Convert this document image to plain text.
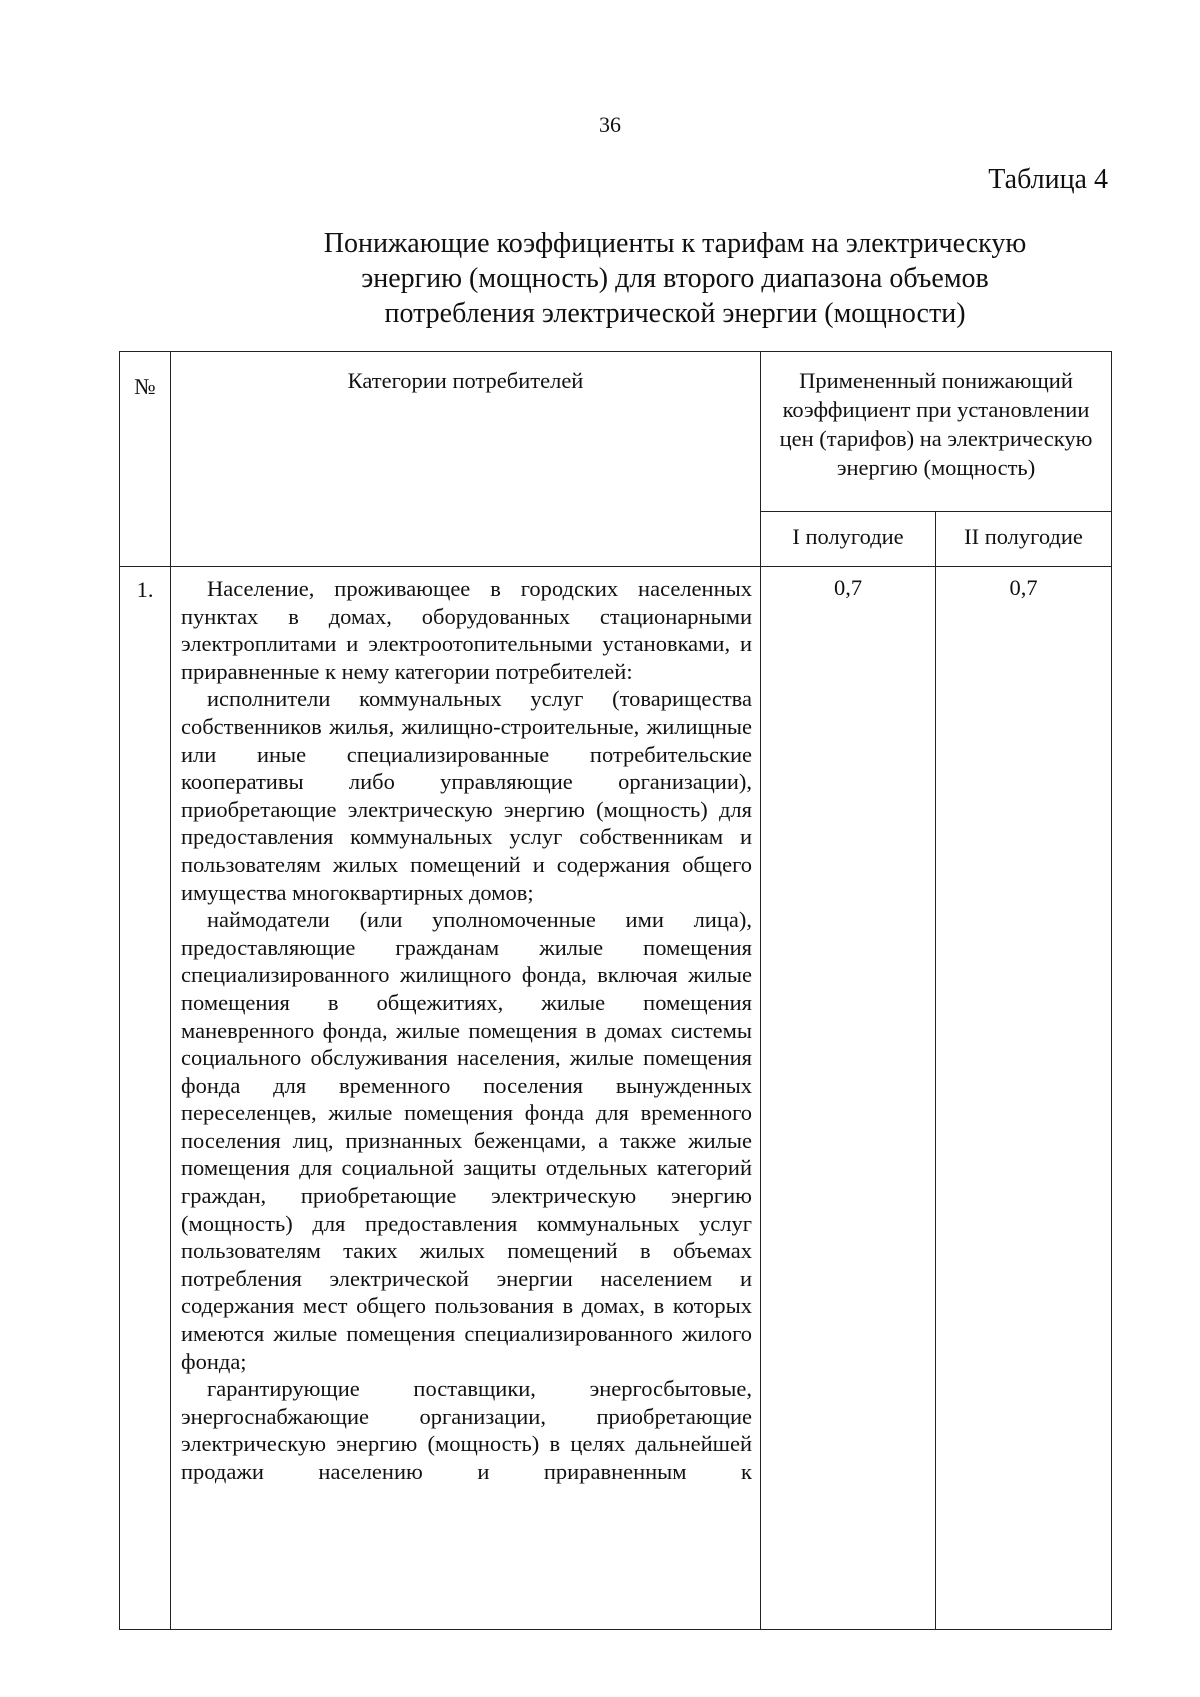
36
Таблица 4
Понижающие коэффициенты к тарифам на электрическую
энергию (мощность) для второго диапазона объемов
потребления электрической энергии (мощности)
№	Категории потребителей	Примененный понижающий коэффициент при установлении цен (тарифов) на электрическую энергию (мощность)	
		I полугодие	II полугодие
1.	Население, проживающее в городских населенных пунктах в домах, оборудованных стационарными электроплитами и электроотопительными установками, и приравненные к нему категории потребителей:

исполнители коммунальных услуг (товарищества собственников жилья, жилищно-строительные, жилищные или иные специализированные потребительские кооперативы либо управляющие организации), приобретающие электрическую энергию (мощность) для предоставления коммунальных услуг собственникам и пользователям жилых помещений и содержания общего имущества многоквартирных домов;

наймодатели (или уполномоченные ими лица), предоставляющие гражданам жилые помещения специализированного жилищного фонда, включая жилые помещения в общежитиях, жилые помещения маневренного фонда, жилые помещения в домах системы социального обслуживания населения, жилые помещения фонда для временного поселения вынужденных переселенцев, жилые помещения фонда для временного поселения лиц, признанных беженцами, а также жилые помещения для социальной защиты отдельных категорий граждан, приобретающие электрическую энергию (мощность) для предоставления коммунальных услуг пользователям таких жилых помещений в объемах потребления электрической энергии населением и содержания мест общего пользования в домах, в которых имеются жилые помещения специализированного жилого фонда;

гарантирующие поставщики, энергосбытовые, энергоснабжающие организации, приобретающие электрическую энергию (мощность) в целях дальнейшей продажи населению и приравненным к	0,7	0,7
